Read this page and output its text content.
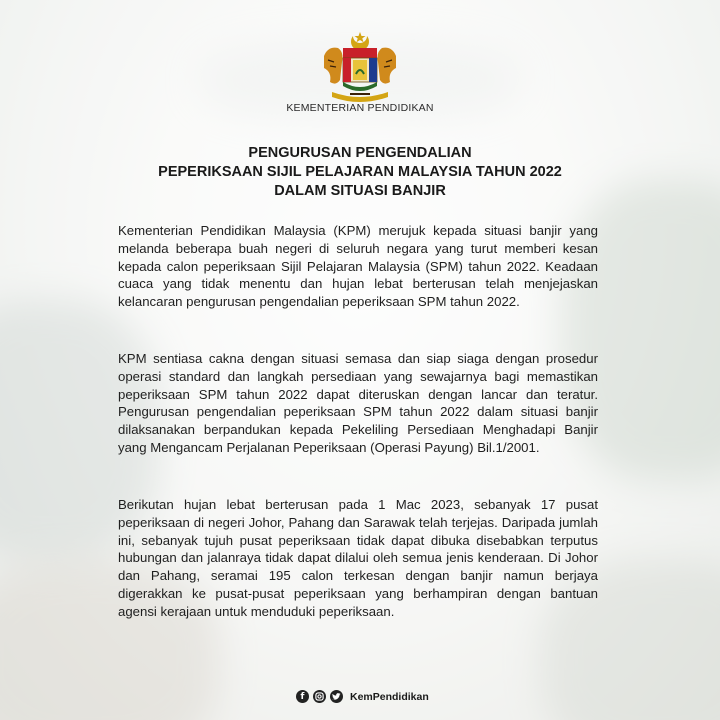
KEMENTERIAN PENDIDIKAN
PENGURUSAN PENGENDALIAN
PEPERIKSAAN SIJIL PELAJARAN MALAYSIA TAHUN 2022
DALAM SITUASI BANJIR
Kementerian Pendidikan Malaysia (KPM) merujuk kepada situasi banjir yang melanda beberapa buah negeri di seluruh negara yang turut memberi kesan kepada calon peperiksaan Sijil Pelajaran Malaysia (SPM) tahun 2022. Keadaan cuaca yang tidak menentu dan hujan lebat berterusan telah menjejaskan kelancaran pengurusan pengendalian peperiksaan SPM tahun 2022.
KPM sentiasa cakna dengan situasi semasa dan siap siaga dengan prosedur operasi standard dan langkah persediaan yang sewajarnya bagi memastikan peperiksaan SPM tahun 2022 dapat diteruskan dengan lancar dan teratur. Pengurusan pengendalian peperiksaan SPM tahun 2022 dalam situasi banjir dilaksanakan berpandukan kepada Pekeliling Persediaan Menghadapi Banjir yang Mengancam Perjalanan Peperiksaan (Operasi Payung) Bil.1/2001.
Berikutan hujan lebat berterusan pada 1 Mac 2023, sebanyak 17 pusat peperiksaan di negeri Johor, Pahang dan Sarawak telah terjejas. Daripada jumlah ini, sebanyak tujuh pusat peperiksaan tidak dapat dibuka disebabkan terputus hubungan dan jalanraya tidak dapat dilalui oleh semua jenis kenderaan. Di Johor dan Pahang, seramai 195 calon terkesan dengan banjir namun berjaya digerakkan ke pusat-pusat peperiksaan yang berhampiran dengan bantuan agensi kerajaan untuk menduduki peperiksaan.
f	KemPendidikan
